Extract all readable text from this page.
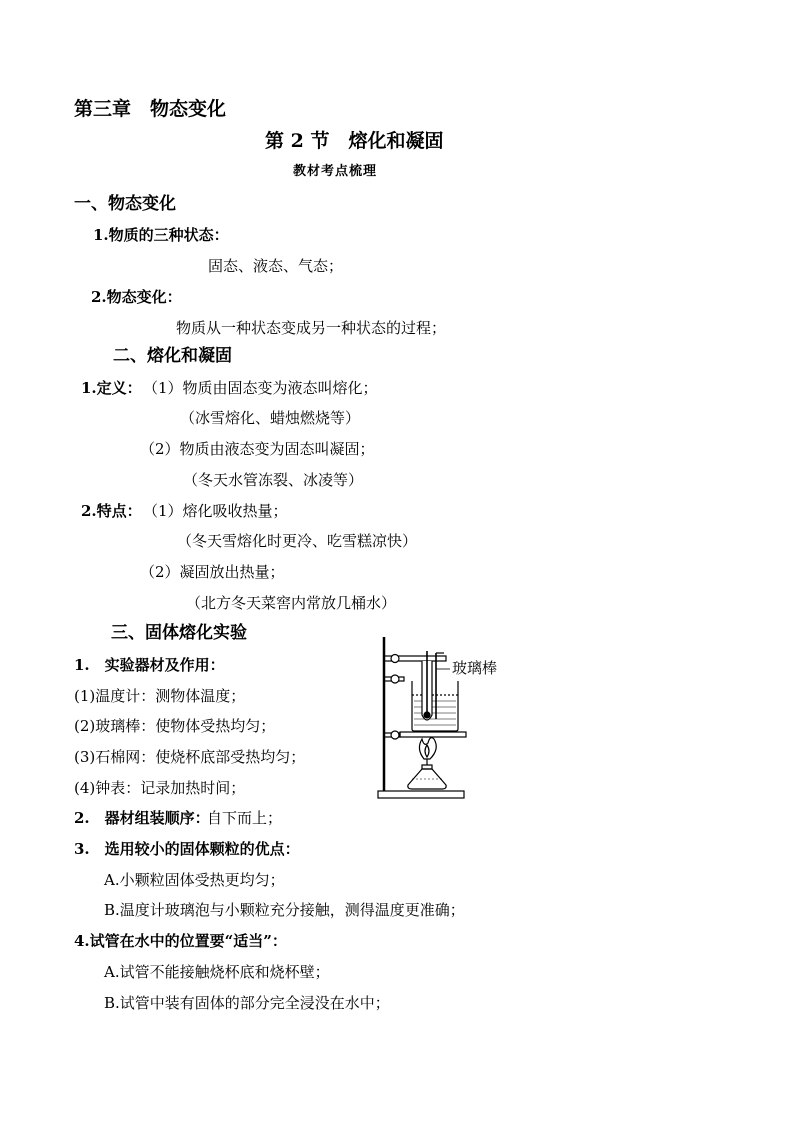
第三章　物态变化
第 2 节　熔化和凝固
教材考点梳理
一、物态变化
1.物质的三种状态：
固态、液态、气态；
2.物态变化：
物质从一种状态变成另一种状态的过程；
二、熔化和凝固
1.定义： （1）物质由固态变为液态叫熔化；
（冰雪熔化、蜡烛燃烧等）
（2）物质由液态变为固态叫凝固；
（冬天水管冻裂、冰凌等）
2.特点： （1）熔化吸收热量；
（冬天雪熔化时更冷、吃雪糕凉快）
（2）凝固放出热量；
（北方冬天菜窖内常放几桶水）
三、固体熔化实验
1.　实验器材及作用：
(1)温度计：测物体温度；
(2)玻璃棒：使物体受热均匀；
(3)石棉网：使烧杯底部受热均匀；
(4)钟表：记录加热时间；
2.　器材组装顺序：
自下而上；
3.　选用较小的固体颗粒的优点：
A.小颗粒固体受热更均匀；
B.温度计玻璃泡与小颗粒充分接触，测得温度更准确；
4.试管在水中的位置要“适当”：
A.试管不能接触烧杯底和烧杯壁；
B.试管中装有固体的部分完全浸没在水中；
玻璃棒
